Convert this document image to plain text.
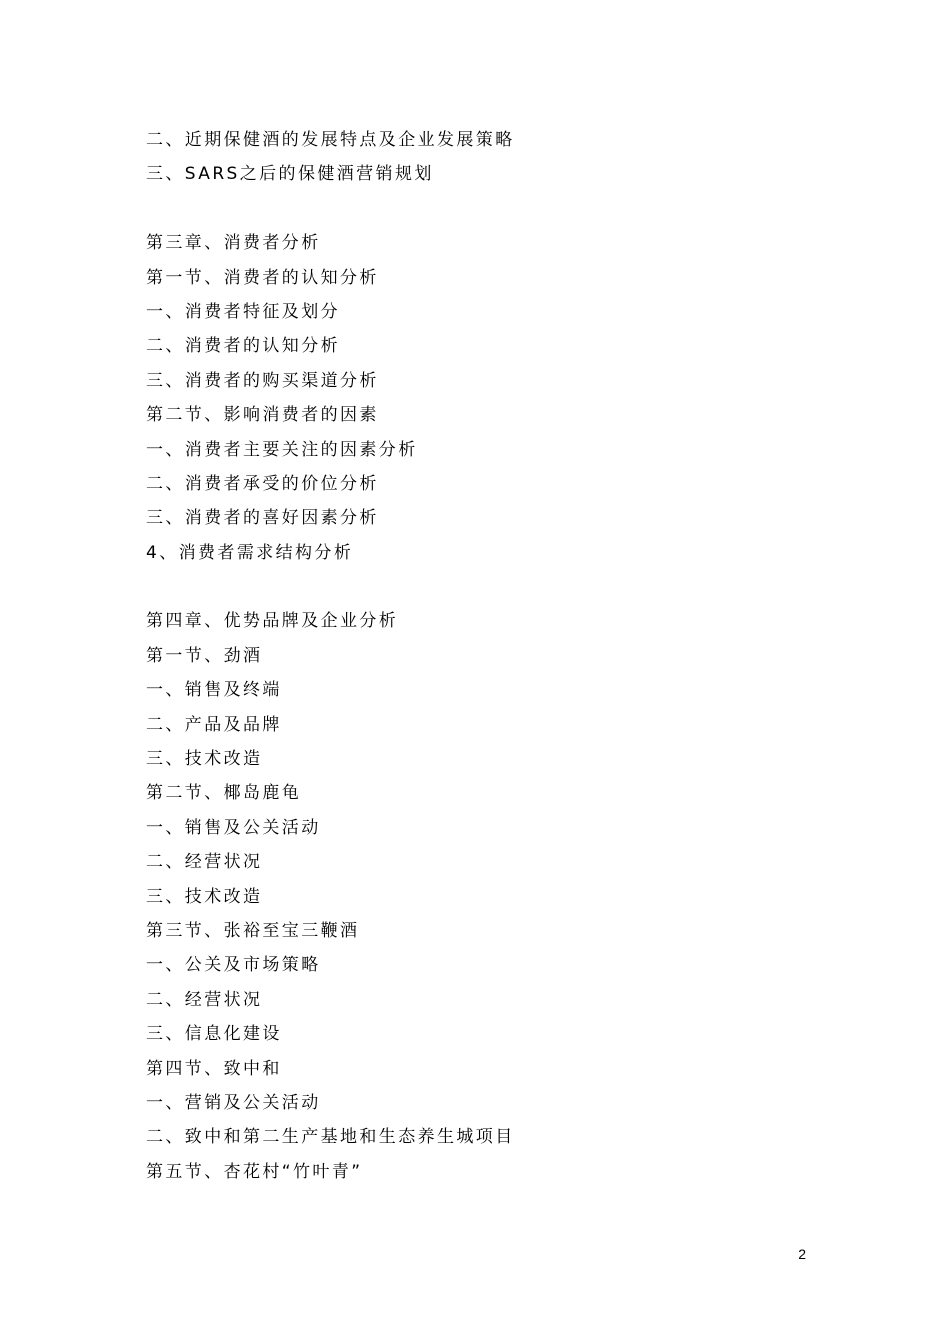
二、近期保健酒的发展特点及企业发展策略
三、SARS之后的保健酒营销规划
第三章、消费者分析
第一节、消费者的认知分析
一、消费者特征及划分
二、消费者的认知分析
三、消费者的购买渠道分析
第二节、影响消费者的因素
一、消费者主要关注的因素分析
二、消费者承受的价位分析
三、消费者的喜好因素分析
4、消费者需求结构分析
第四章、优势品牌及企业分析
第一节、劲酒
一、销售及终端
二、产品及品牌
三、技术改造
第二节、椰岛鹿龟
一、销售及公关活动
二、经营状况
三、技术改造
第三节、张裕至宝三鞭酒
一、公关及市场策略
二、经营状况
三、信息化建设
第四节、致中和
一、营销及公关活动
二、致中和第二生产基地和生态养生城项目
第五节、杏花村“竹叶青”
2
